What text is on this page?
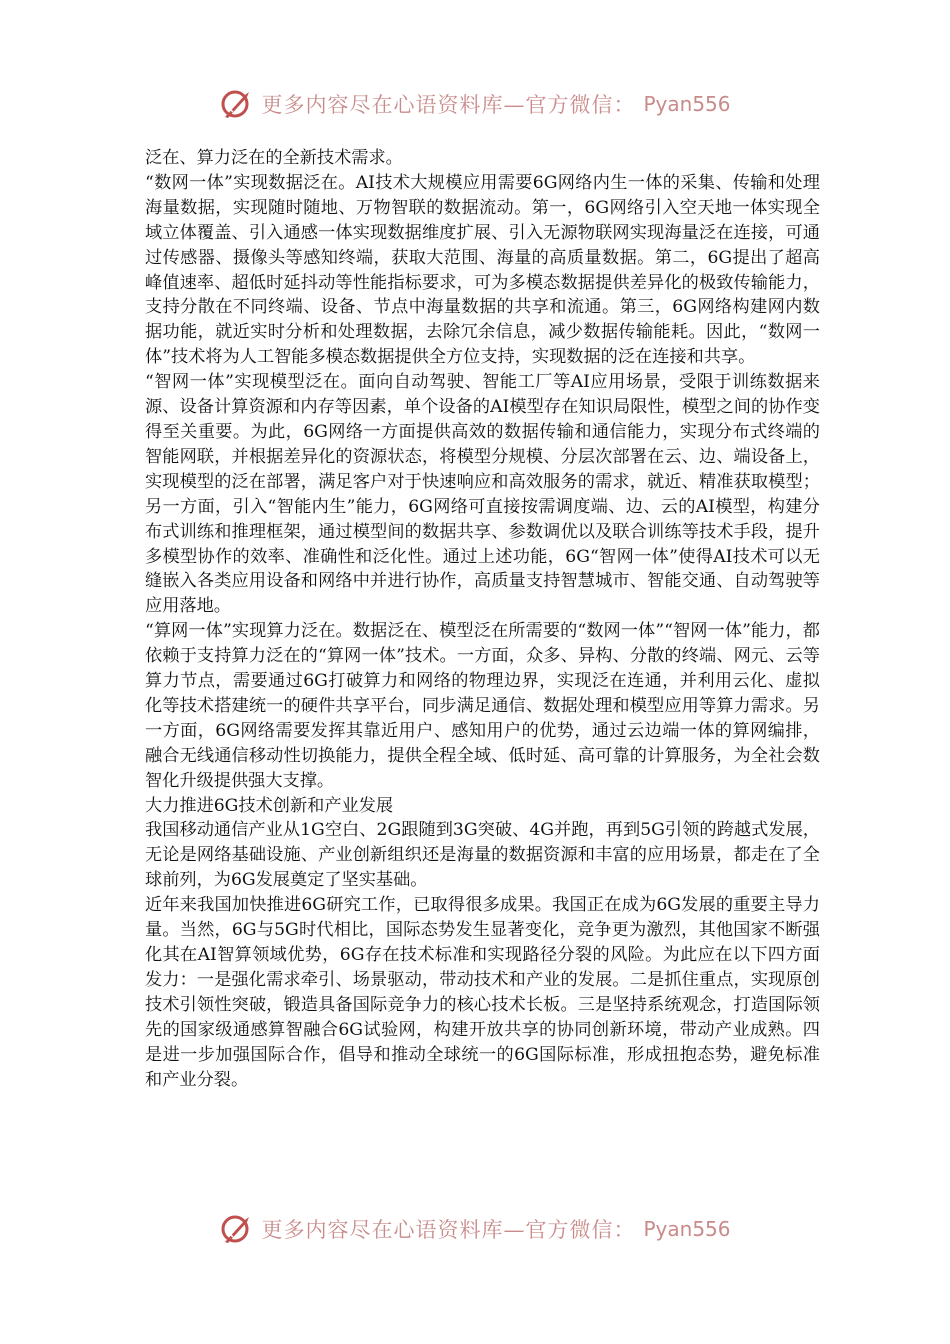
更多内容尽在心语资料库—官方微信： Pyan556

泛在、算力泛在的全新技术需求。

“数网一体”实现数据泛在。AI技术大规模应用需要6G网络内生一体的采集、传输和处理海量数据，实现随时随地、万物智联的数据流动。第一，6G网络引入空天地一体实现全域立体覆盖、引入通感一体实现数据维度扩展、引入无源物联网实现海量泛在连接，可通过传感器、摄像头等感知终端，获取大范围、海量的高质量数据。第二，6G提出了超高峰值速率、超低时延抖动等性能指标要求，可为多模态数据提供差异化的极致传输能力，支持分散在不同终端、设备、节点中海量数据的共享和流通。第三，6G网络构建网内数据功能，就近实时分析和处理数据，去除冗余信息，减少数据传输能耗。因此，“数网一体”技术将为人工智能多模态数据提供全方位支持，实现数据的泛在连接和共享。

“智网一体”实现模型泛在。面向自动驾驶、智能工厂等AI应用场景，受限于训练数据来源、设备计算资源和内存等因素，单个设备的AI模型存在知识局限性，模型之间的协作变得至关重要。为此，6G网络一方面提供高效的数据传输和通信能力，实现分布式终端的智能网联，并根据差异化的资源状态，将模型分规模、分层次部署在云、边、端设备上，实现模型的泛在部署，满足客户对于快速响应和高效服务的需求，就近、精准获取模型；另一方面，引入“智能内生”能力，6G网络可直接按需调度端、边、云的AI模型，构建分布式训练和推理框架，通过模型间的数据共享、参数调优以及联合训练等技术手段，提升多模型协作的效率、准确性和泛化性。通过上述功能，6G“智网一体”使得AI技术可以无缝嵌入各类应用设备和网络中并进行协作，高质量支持智慧城市、智能交通、自动驾驶等应用落地。

“算网一体”实现算力泛在。数据泛在、模型泛在所需要的“数网一体”“智网一体”能力，都依赖于支持算力泛在的“算网一体”技术。一方面，众多、异构、分散的终端、网元、云等算力节点，需要通过6G打破算力和网络的物理边界，实现泛在连通，并利用云化、虚拟化等技术搭建统一的硬件共享平台，同步满足通信、数据处理和模型应用等算力需求。另一方面，6G网络需要发挥其靠近用户、感知用户的优势，通过云边端一体的算网编排，融合无线通信移动性切换能力，提供全程全域、低时延、高可靠的计算服务，为全社会数智化升级提供强大支撑。

大力推进6G技术创新和产业发展

我国移动通信产业从1G空白、2G跟随到3G突破、4G并跑，再到5G引领的跨越式发展，无论是网络基础设施、产业创新组织还是海量的数据资源和丰富的应用场景，都走在了全球前列，为6G发展奠定了坚实基础。

近年来我国加快推进6G研究工作，已取得很多成果。我国正在成为6G发展的重要主导力量。当然，6G与5G时代相比，国际态势发生显著变化，竞争更为激烈，其他国家不断强化其在AI智算领域优势，6G存在技术标准和实现路径分裂的风险。为此应在以下四方面发力：一是强化需求牵引、场景驱动，带动技术和产业的发展。二是抓住重点，实现原创技术引领性突破，锻造具备国际竞争力的核心技术长板。三是坚持系统观念，打造国际领先的国家级通感算智融合6G试验网，构建开放共享的协同创新环境，带动产业成熟。四是进一步加强国际合作，倡导和推动全球统一的6G国际标准，形成扭抱态势，避免标准和产业分裂。

更多内容尽在心语资料库—官方微信： Pyan556
